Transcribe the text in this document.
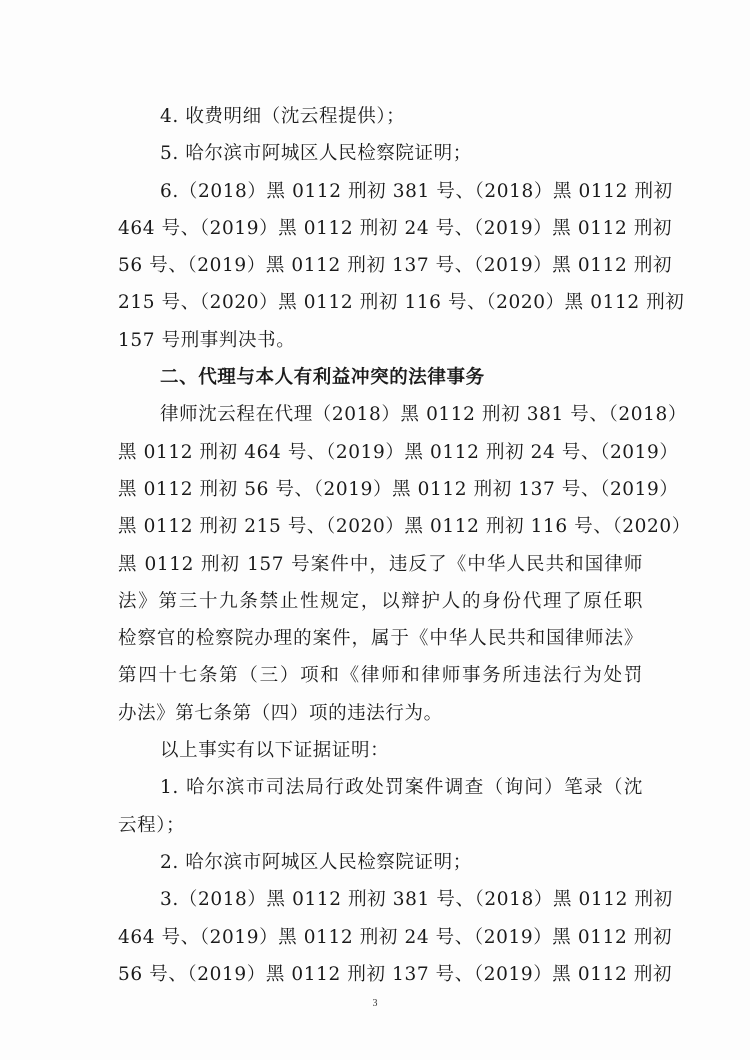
4. 收费明细（沈云程提供）；
5. 哈尔滨市阿城区人民检察院证明；
6.（2018）黑 0112 刑初 381 号、（2018）黑 0112 刑初
464 号、（2019）黑 0112 刑初 24 号、（2019）黑 0112 刑初
56 号、（2019）黑 0112 刑初 137 号、（2019）黑 0112 刑初
215 号、（2020）黑 0112 刑初 116 号、（2020）黑 0112 刑初
157 号刑事判决书。
二、代理与本人有利益冲突的法律事务
律师沈云程在代理（2018）黑 0112 刑初 381 号、（2018）
黑 0112 刑初 464 号、（2019）黑 0112 刑初 24 号、（2019）
黑 0112 刑初 56 号、（2019）黑 0112 刑初 137 号、（2019）
黑 0112 刑初 215 号、（2020）黑 0112 刑初 116 号、（2020）
黑 0112 刑初 157 号案件中，违反了《中华人民共和国律师
法》第三十九条禁止性规定，以辩护人的身份代理了原任职
检察官的检察院办理的案件，属于《中华人民共和国律师法》
第四十七条第（三）项和《律师和律师事务所违法行为处罚
办法》第七条第（四）项的违法行为。
以上事实有以下证据证明：
1. 哈尔滨市司法局行政处罚案件调查（询问）笔录（沈
云程）；
2. 哈尔滨市阿城区人民检察院证明；
3.（2018）黑 0112 刑初 381 号、（2018）黑 0112 刑初
464 号、（2019）黑 0112 刑初 24 号、（2019）黑 0112 刑初
56 号、（2019）黑 0112 刑初 137 号、（2019）黑 0112 刑初
3
